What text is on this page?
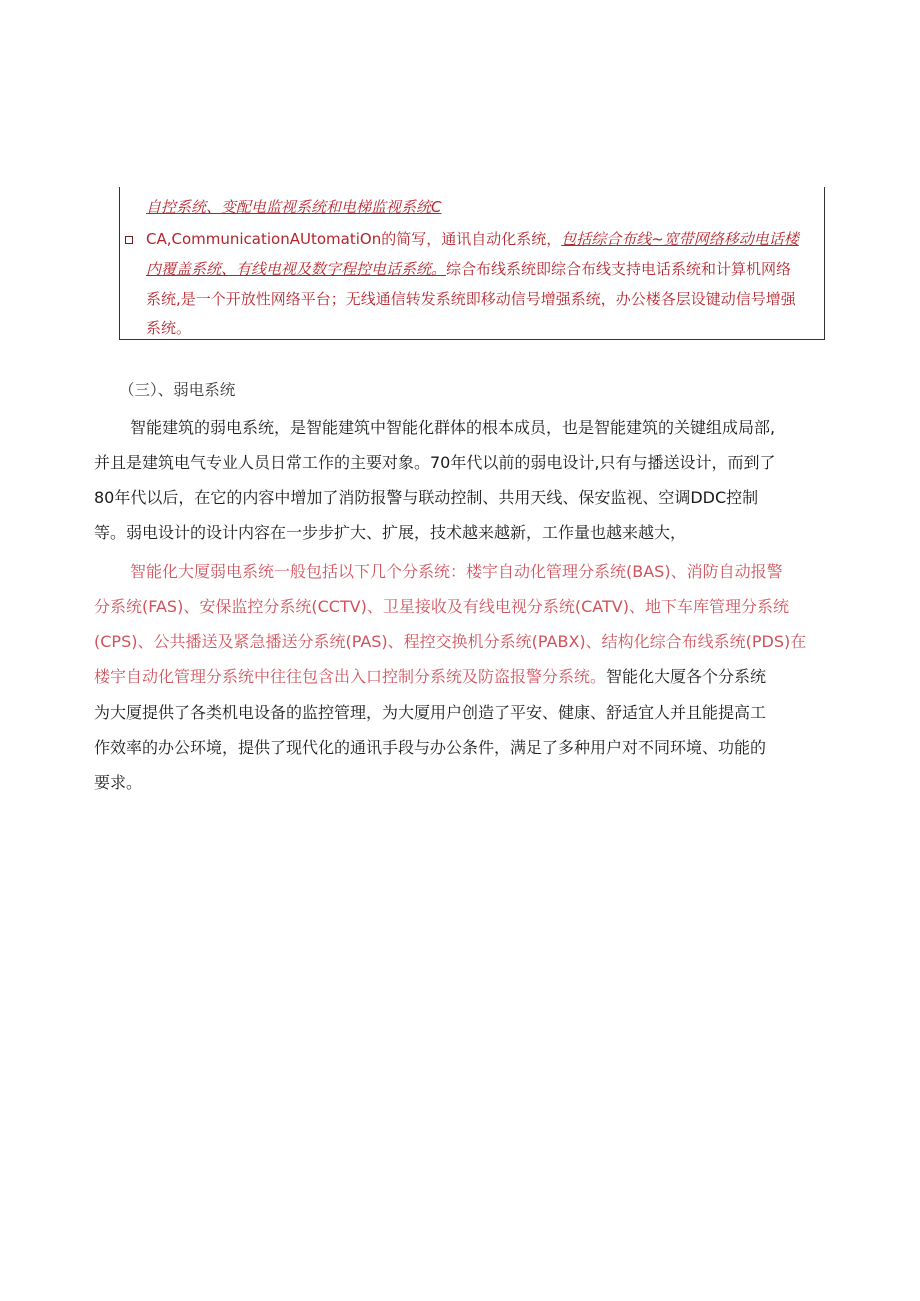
自控系统、变配电监视系统和电梯监视系统C
CA,CommunicationAUtomatiOn的简写，通讯自动化系统，包括综合布线~宽带网络移动电话楼
内覆盖系统、有线电视及数字程控电话系统。综合布线系统即综合布线支持电话系统和计算机网络
系统,是一个开放性网络平台；无线通信转发系统即移动信号增强系统，办公楼各层设键动信号增强
系统。
（三）、弱电系统
智能建筑的弱电系统，是智能建筑中智能化群体的根本成员，也是智能建筑的关键组成局部,
并且是建筑电气专业人员日常工作的主要对象。70年代以前的弱电设计,只有与播送设计，而到了
80年代以后，在它的内容中增加了消防报警与联动控制、共用天线、保安监视、空调DDC控制
等。弱电设计的设计内容在一步步扩大、扩展，技术越来越新，工作量也越来越大，
智能化大厦弱电系统一般包括以下几个分系统：楼宇自动化管理分系统(BAS)、消防自动报警
分系统(FAS)、安保监控分系统(CCTV)、卫星接收及有线电视分系统(CATV)、地下车库管理分系统
(CPS)、公共播送及紧急播送分系统(PAS)、程控交换机分系统(PABX)、结构化综合布线系统(PDS)在
楼宇自动化管理分系统中往往包含出入口控制分系统及防盗报警分系统。智能化大厦各个分系统
为大厦提供了各类机电设备的监控管理，为大厦用户创造了平安、健康、舒适宜人并且能提高工
作效率的办公环境，提供了现代化的通讯手段与办公条件，满足了多种用户对不同环境、功能的
要求。
